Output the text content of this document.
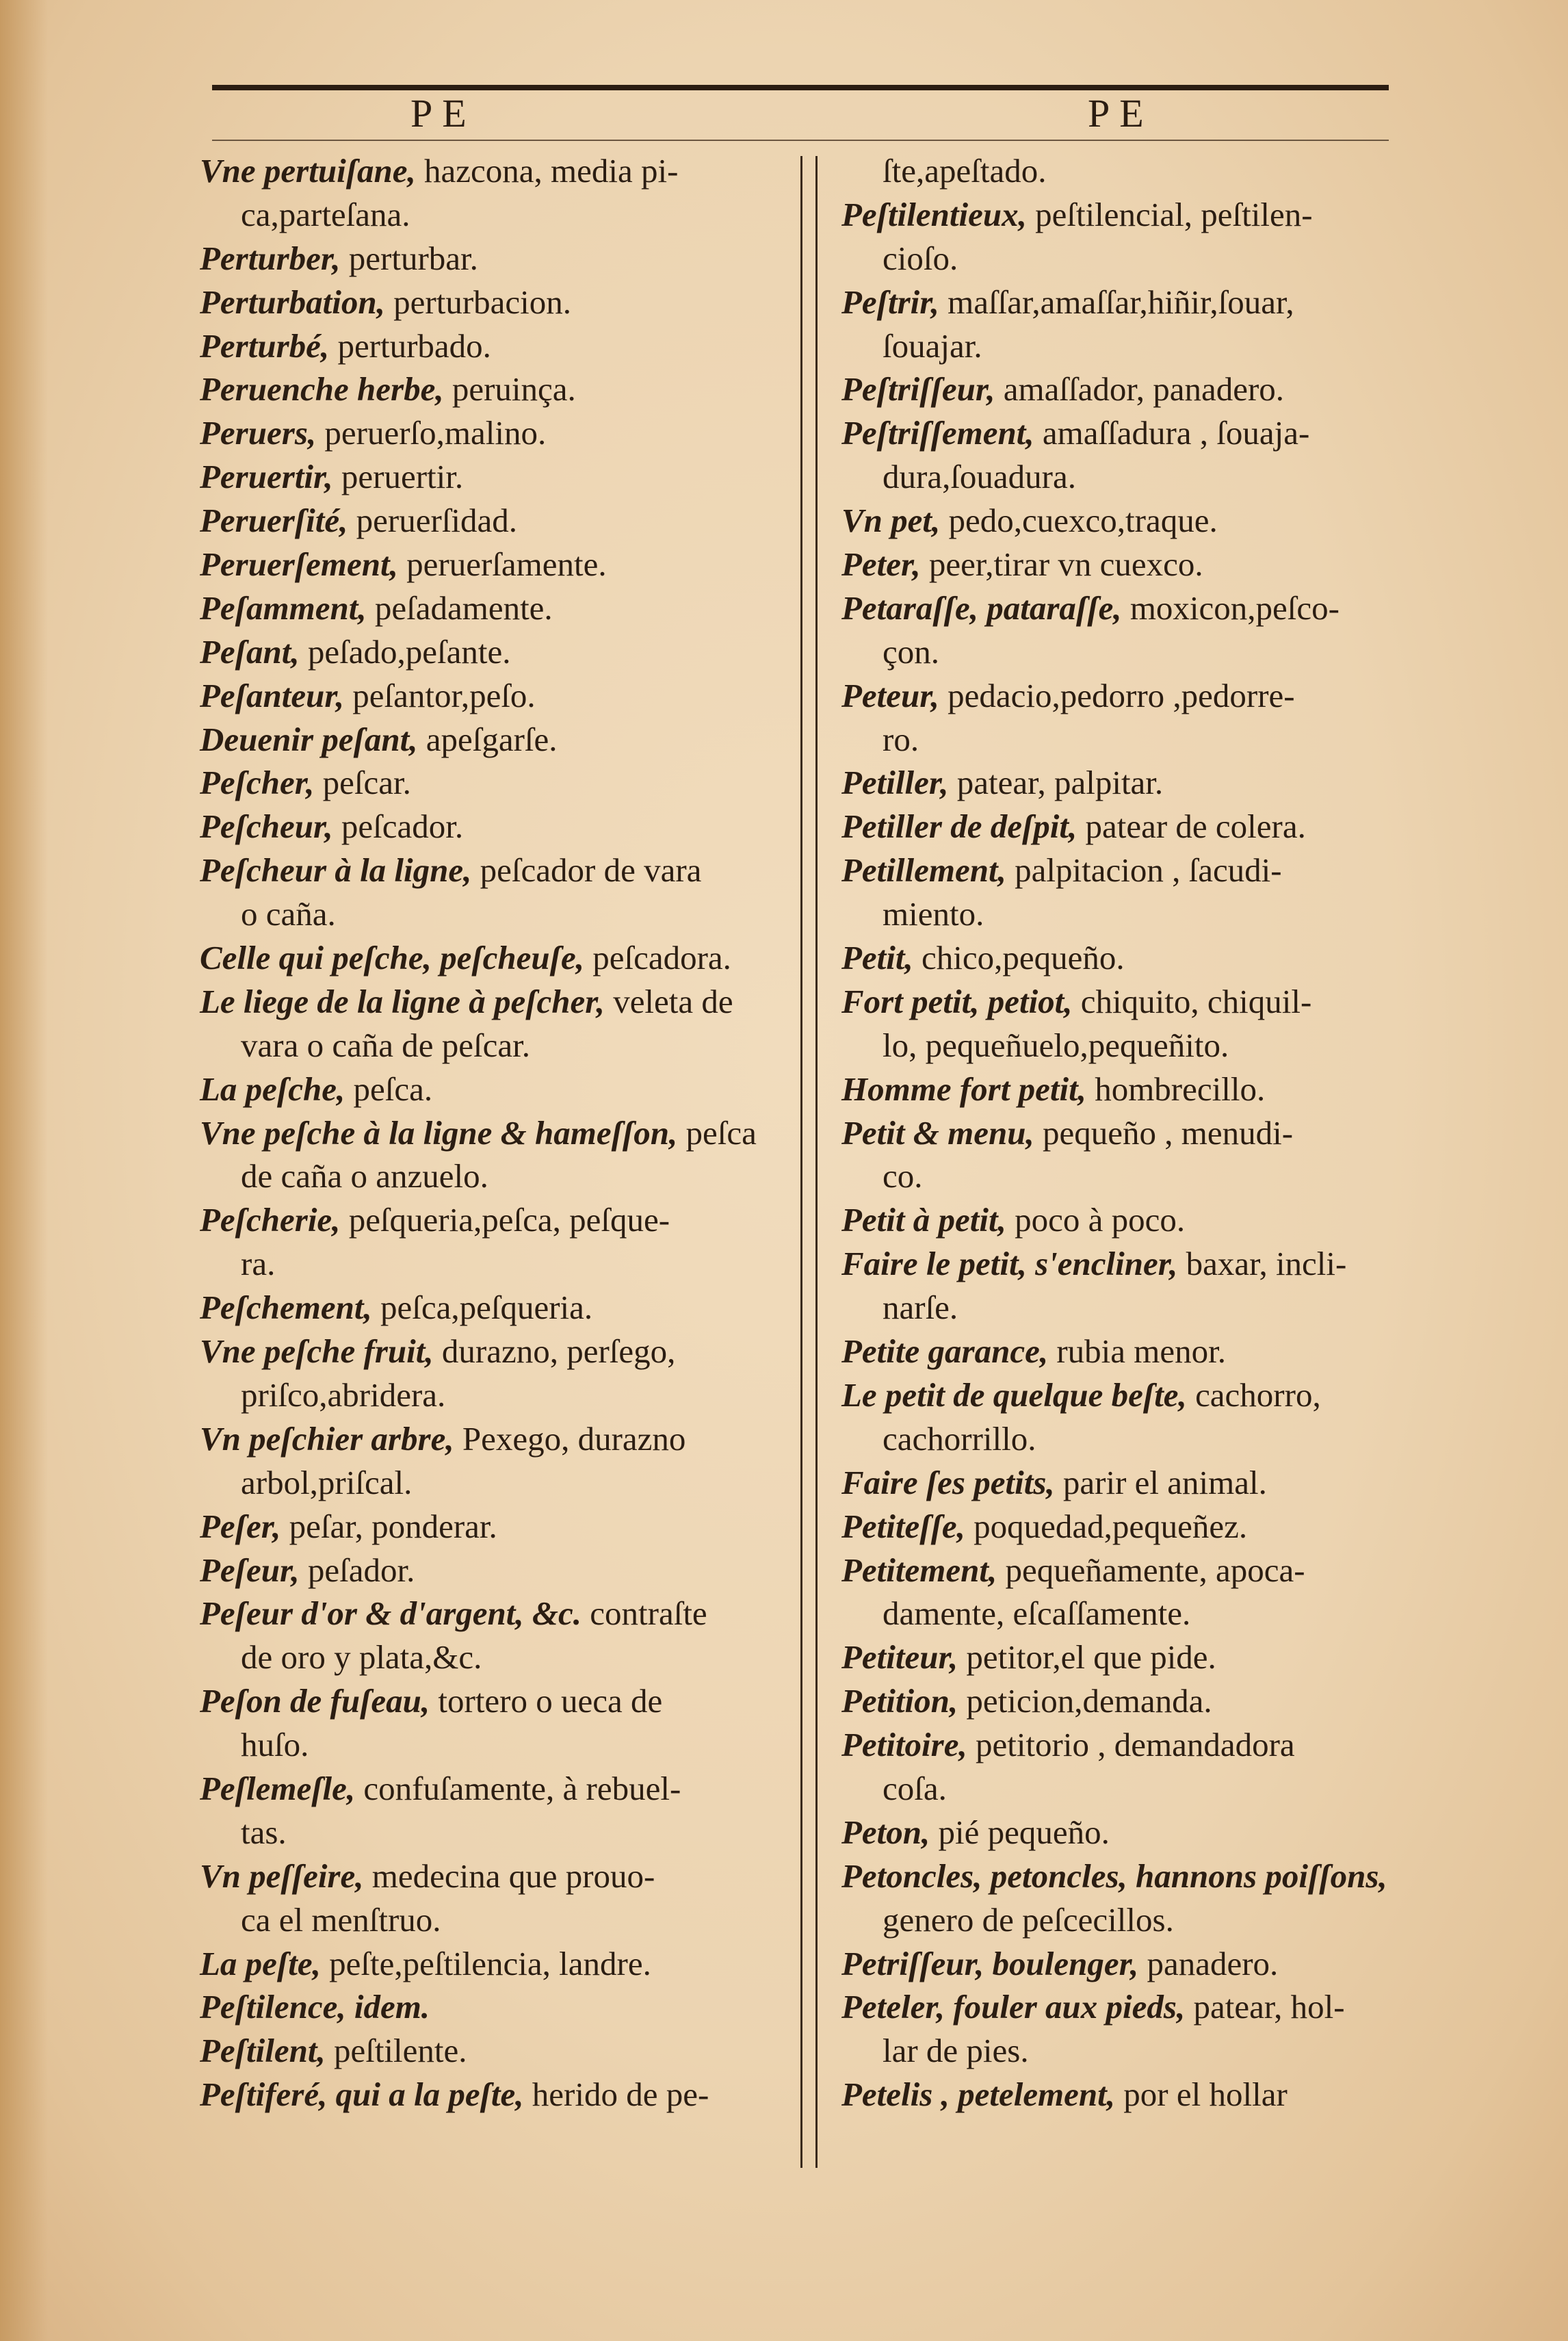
PE	PE
Vne pertuiſane, hazcona, media pi-
ca,parteſana.
Perturber, perturbar.
Perturbation, perturbacion.
Perturbé, perturbado.
Peruenche herbe, peruinça.
Peruers, peruerſo,malino.
Peruertir, peruertir.
Peruerſité, peruerſidad.
Peruerſement, peruerſamente.
Peſamment, peſadamente.
Peſant, peſado,peſante.
Peſanteur, peſantor,peſo.
Deuenir peſant, apeſgarſe.
Peſcher, peſcar.
Peſcheur, peſcador.
Peſcheur à la ligne, peſcador de vara
o caña.
Celle qui peſche, peſcheuſe, peſcadora.
Le liege de la ligne à peſcher, veleta de
vara o caña de peſcar.
La peſche, peſca.
Vne peſche à la ligne & hameſſon, peſca
de caña o anzuelo.
Peſcherie, peſqueria,peſca, peſque-
ra.
Peſchement, peſca,peſqueria.
Vne peſche fruit, durazno, perſego,
priſco,abridera.
Vn peſchier arbre, Pexego, durazno
arbol,priſcal.
Peſer, peſar, ponderar.
Peſeur, peſador.
Peſeur d'or & d'argent, &c. contraſte
de oro y plata,&c.
Peſon de fuſeau, tortero o ueca de
huſo.
Peſlemeſle, confuſamente, à rebuel-
tas.
Vn peſſeire, medecina que prouo-
ca el menſtruo.
La peſte, peſte,peſtilencia, landre.
Peſtilence, idem.
Peſtilent, peſtilente.
Peſtiferé, qui a la peſte, herido de pe-
ſte,apeſtado.
Peſtilentieux, peſtilencial, peſtilen-
cioſo.
Peſtrir, maſſar,amaſſar,hiñir,ſouar,
ſouajar.
Peſtriſſeur, amaſſador, panadero.
Peſtriſſement, amaſſadura , ſouaja-
dura,ſouadura.
Vn pet, pedo,cuexco,traque.
Peter, peer,tirar vn cuexco.
Petaraſſe, pataraſſe, moxicon,peſco-
çon.
Peteur, pedacio,pedorro ,pedorre-
ro.
Petiller, patear, palpitar.
Petiller de deſpit, patear de colera.
Petillement, palpitacion , ſacudi-
miento.
Petit, chico,pequeño.
Fort petit, petiot, chiquito, chiquil-
lo, pequeñuelo,pequeñito.
Homme fort petit, hombrecillo.
Petit & menu, pequeño , menudi-
co.
Petit à petit, poco à poco.
Faire le petit, s'encliner, baxar, incli-
narſe.
Petite garance, rubia menor.
Le petit de quelque beſte, cachorro,
cachorrillo.
Faire ſes petits, parir el animal.
Petiteſſe, poquedad,pequeñez.
Petitement, pequeñamente, apoca-
damente, eſcaſſamente.
Petiteur, petitor,el que pide.
Petition, peticion,demanda.
Petitoire, petitorio , demandadora
coſa.
Peton, pié pequeño.
Petoncles, petoncles, hannons poiſſons,
genero de peſcecillos.
Petriſſeur, boulenger, panadero.
Peteler, fouler aux pieds, patear, hol-
lar de pies.
Petelis , petelement, por el hollar
